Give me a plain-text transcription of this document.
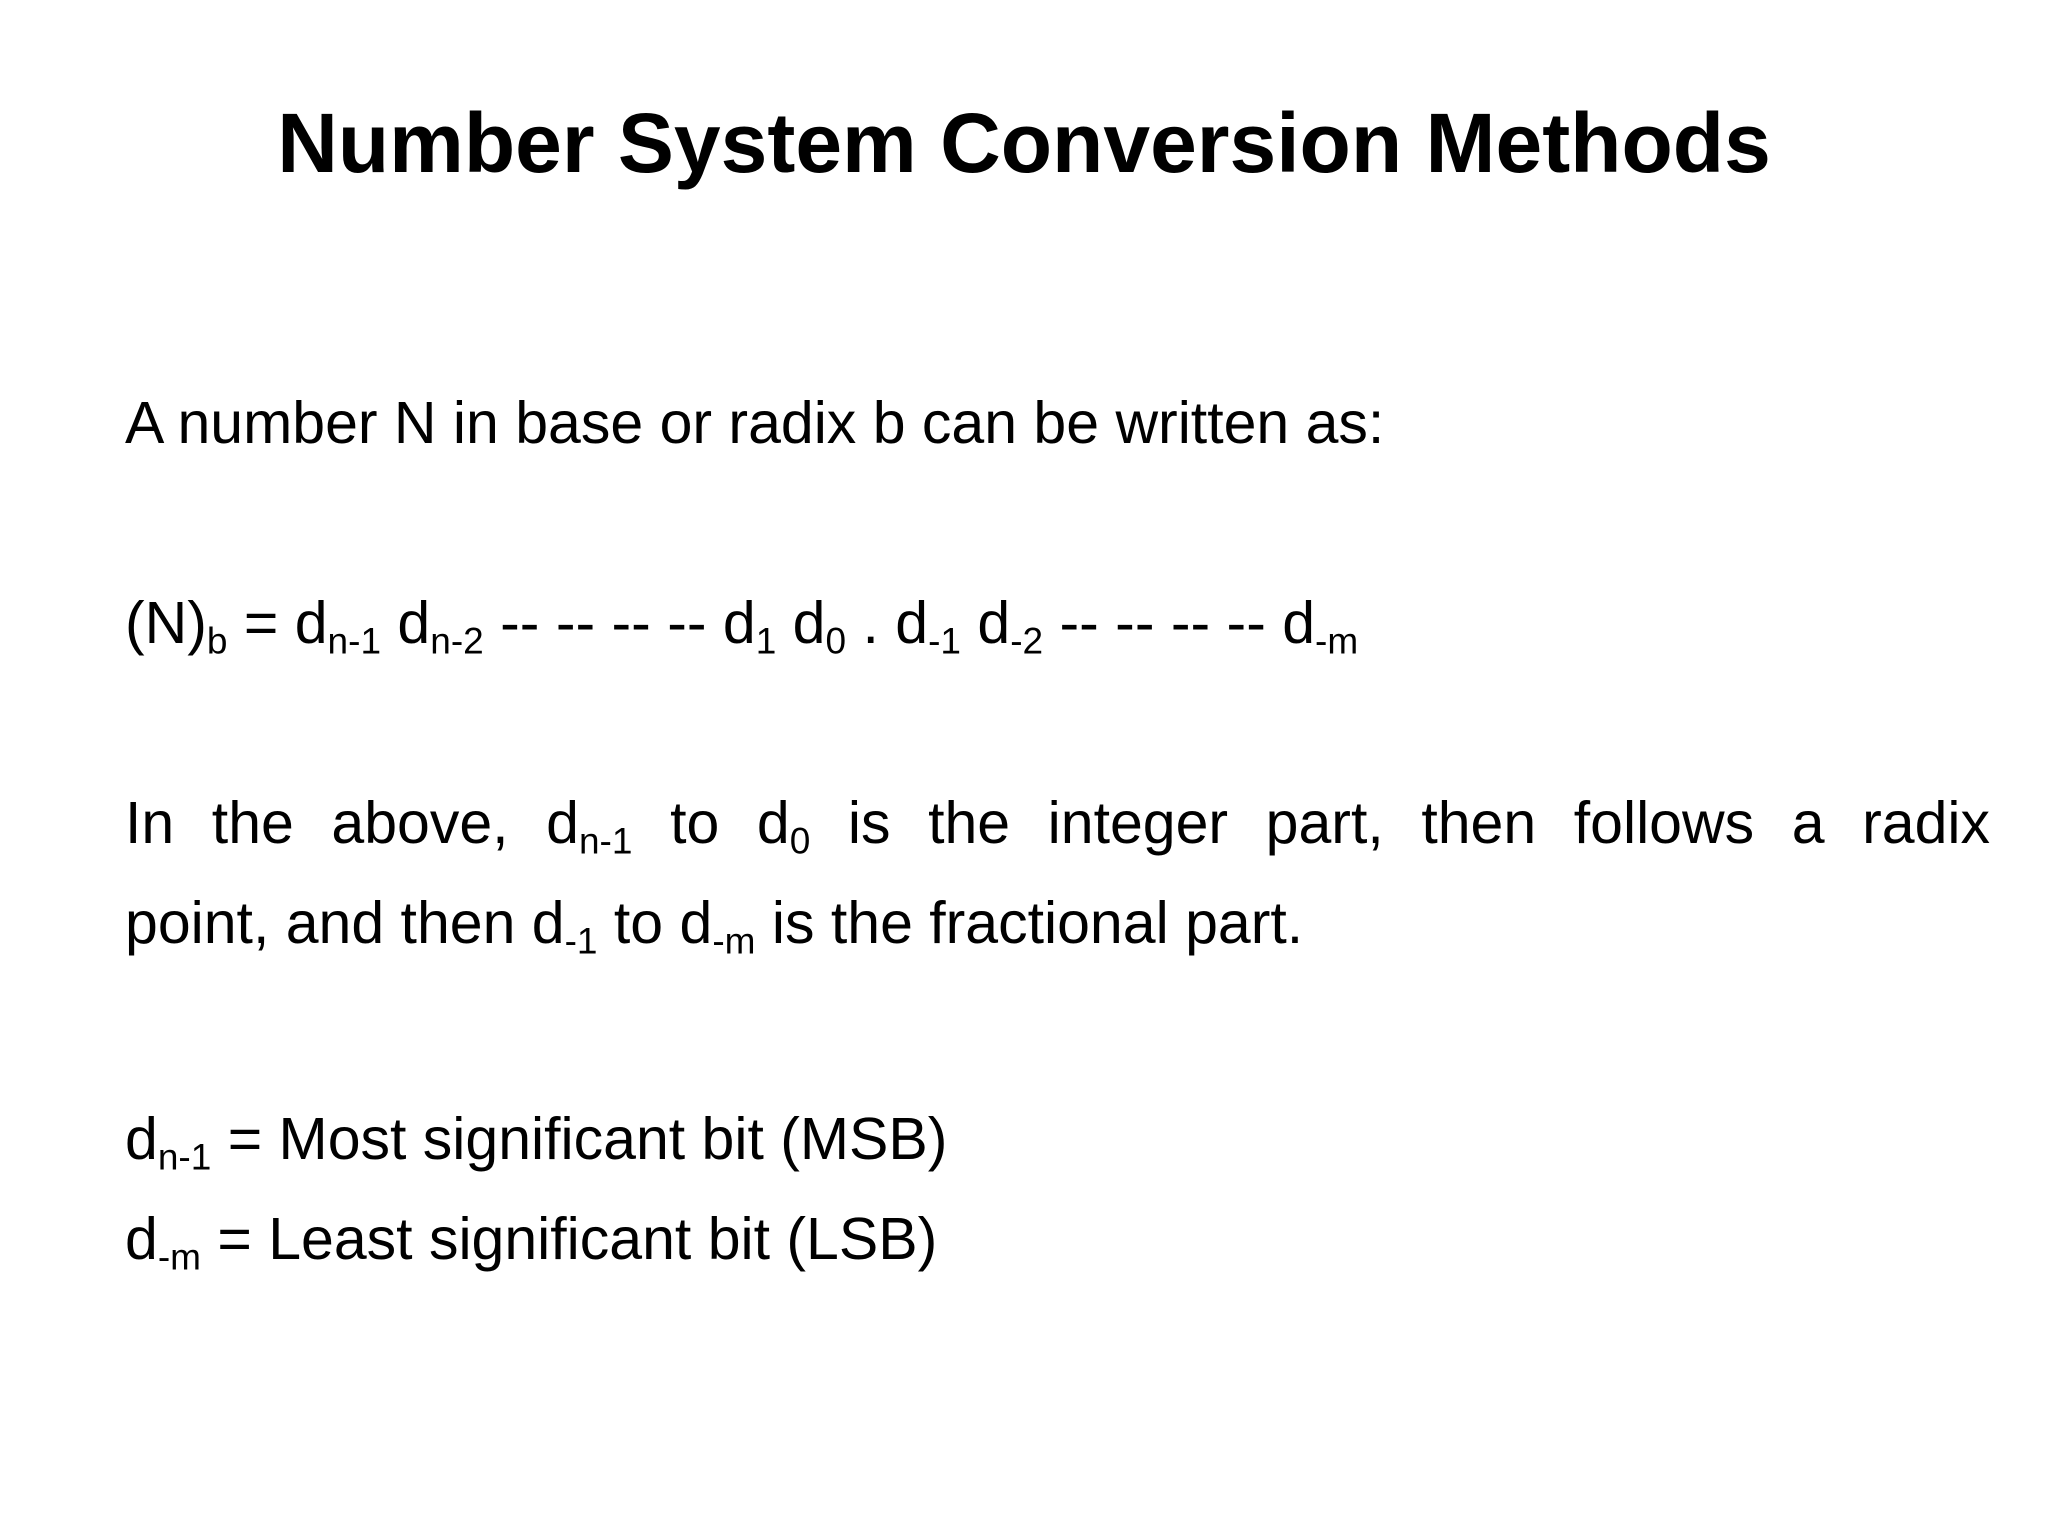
Number System Conversion Methods
A number N in base or radix b can be written as:
$(N)_b = d_{n-1}$ $d_{n-2}$ -- -- -- -- $d_1$ $d_0$ . $d_{-1}$ $d_{-2}$ -- -- -- -- $d_{-m}$
In the above, $d_{n-1}$ to $d_0$ is the integer part, then follows a radix
point, and then $d_{-1}$ to $d_{-m}$ is the fractional part.
$d_{n-1}$ = Most significant bit (MSB)
$d_{-m}$ = Least significant bit (LSB)
